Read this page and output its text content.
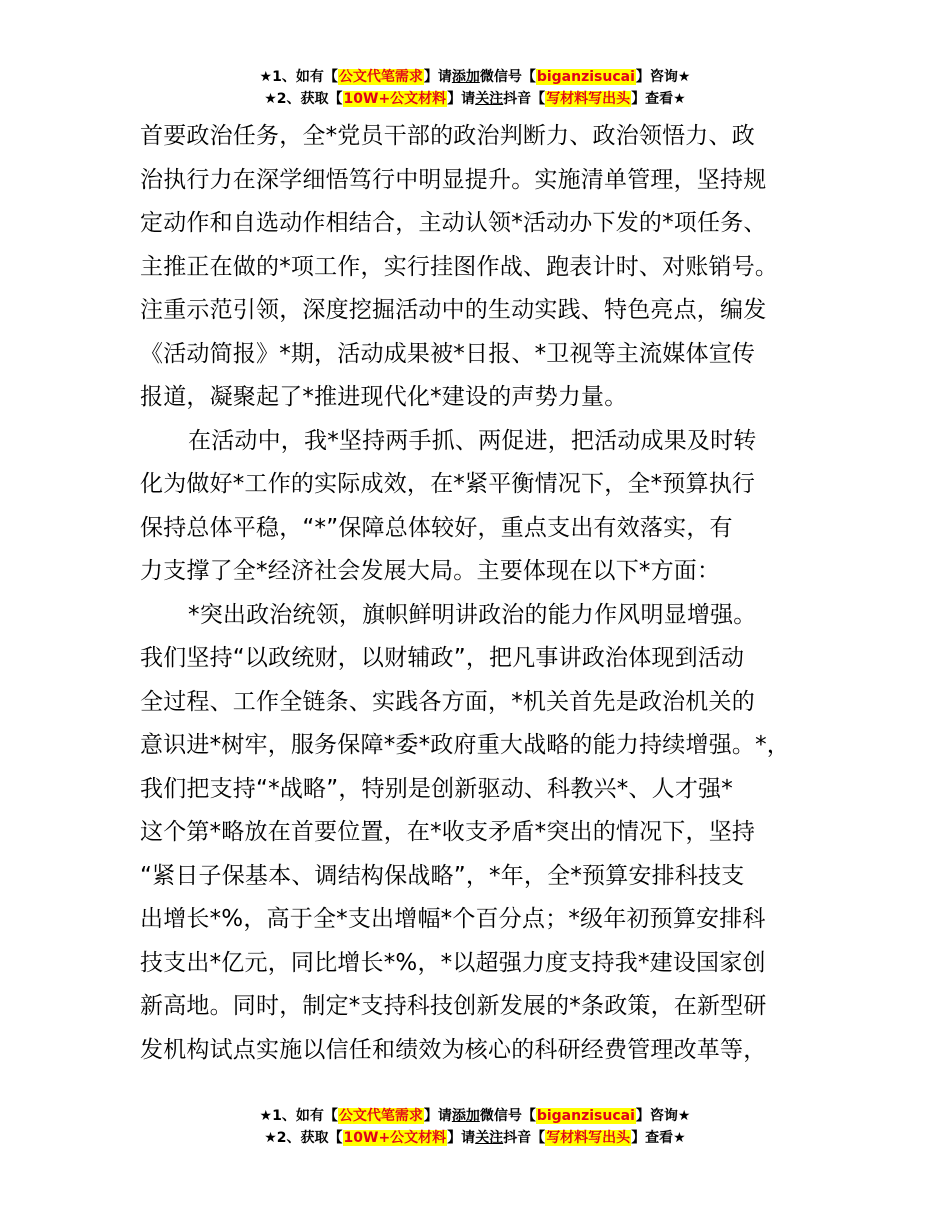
★1、如有【公文代笔需求】请添加微信号【biganzisucai】咨询★
★2、获取【10W+公文材料】请关注抖音【写材料写出头】查看★

首要政治任务，全*党员干部的政治判断力、政治领悟力、政

治执行力在深学细悟笃行中明显提升。实施清单管理，坚持规

定动作和自选动作相结合，主动认领*活动办下发的*项任务、

主推正在做的*项工作，实行挂图作战、跑表计时、对账销号。

注重示范引领，深度挖掘活动中的生动实践、特色亮点，编发

《活动简报》*期，活动成果被*日报、*卫视等主流媒体宣传

报道，凝聚起了*推进现代化*建设的声势力量。

在活动中，我*坚持两手抓、两促进，把活动成果及时转

化为做好*工作的实际成效，在*紧平衡情况下，全*预算执行

保持总体平稳，“*”保障总体较好，重点支出有效落实，有

力支撑了全*经济社会发展大局。主要体现在以下*方面：

*突出政治统领，旗帜鲜明讲政治的能力作风明显增强。

我们坚持“以政统财，以财辅政”，把凡事讲政治体现到活动

全过程、工作全链条、实践各方面，*机关首先是政治机关的

意识进*树牢，服务保障*委*政府重大战略的能力持续增强。*，

我们把支持“*战略”，特别是创新驱动、科教兴*、人才强*

这个第*略放在首要位置，在*收支矛盾*突出的情况下，坚持

“紧日子保基本、调结构保战略”，*年，全*预算安排科技支

出增长*%，高于全*支出增幅*个百分点；*级年初预算安排科

技支出*亿元，同比增长*%，*以超强力度支持我*建设国家创

新高地。同时，制定*支持科技创新发展的*条政策，在新型研

发机构试点实施以信任和绩效为核心的科研经费管理改革等，

★1、如有【公文代笔需求】请添加微信号【biganzisucai】咨询★
★2、获取【10W+公文材料】请关注抖音【写材料写出头】查看★
